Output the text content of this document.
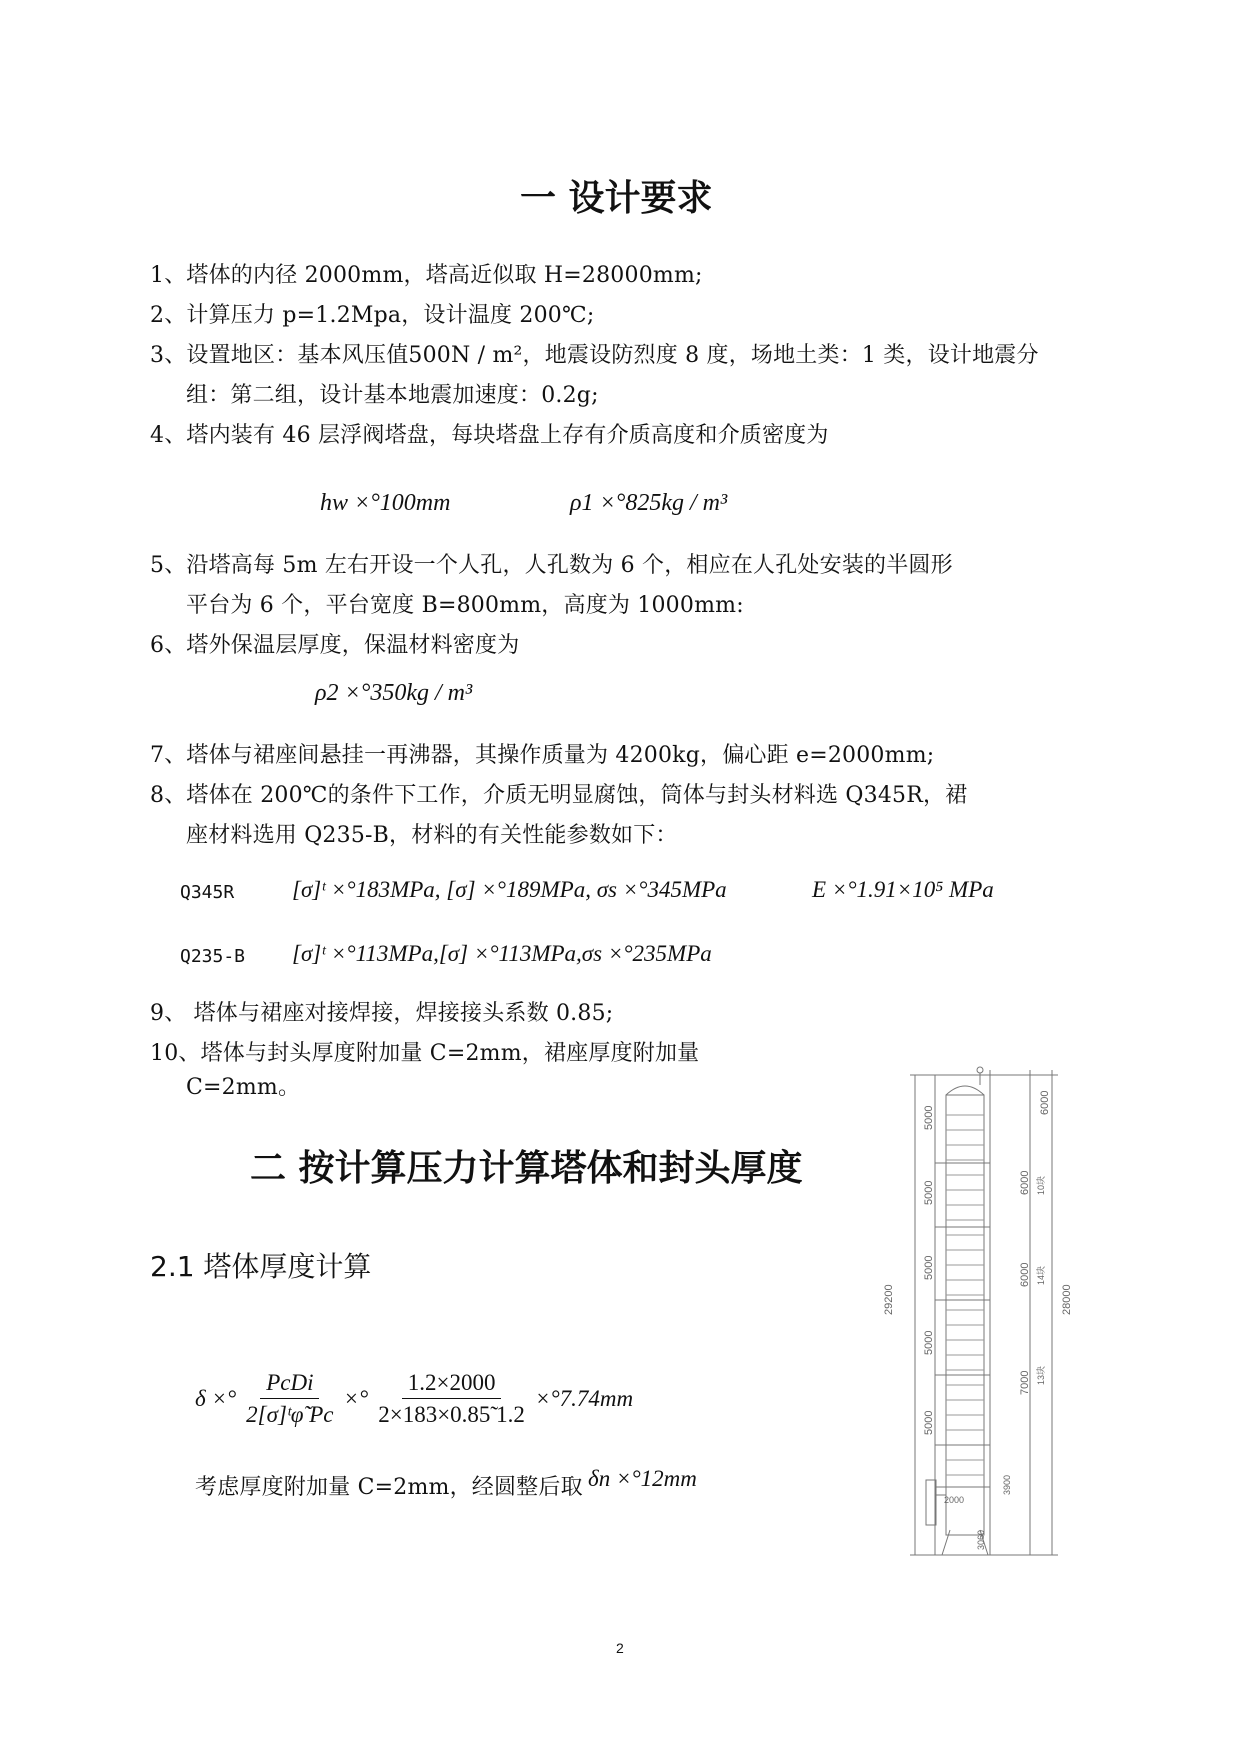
一 设计要求
1、塔体的内径 2000mm，塔高近似取 H=28000mm;
2、计算压力 p=1.2Mpa，设计温度 200℃;
3、设置地区：基本风压值500N / m²，地震设防烈度 8 度，场地土类：1 类，设计地震分
组：第二组，设计基本地震加速度：0.2g;
4、塔内装有 46 层浮阀塔盘，每块塔盘上存有介质高度和介质密度为
hw ×°100mm	ρ1 ×°825kg / m³
5、沿塔高每 5m 左右开设一个人孔，人孔数为 6 个，相应在人孔处安装的半圆形
平台为 6 个，平台宽度 B=800mm，高度为 1000mm:
6、塔外保温层厚度，保温材料密度为
ρ2 ×°350kg / m³
7、塔体与裙座间悬挂一再沸器，其操作质量为 4200kg，偏心距 e=2000mm;
8、塔体在 200℃的条件下工作，介质无明显腐蚀，筒体与封头材料选 Q345R，裙
座材料选用 Q235-B，材料的有关性能参数如下：
Q345R	[σ]ᵗ ×°183MPa, [σ] ×°189MPa, σs ×°345MPa	E ×°1.91×10⁵ MPa
Q235-B [σ]ᵗ ×°113MPa,[σ] ×°113MPa,σs ×°235MPa
9、 塔体与裙座对接焊接，焊接接头系数 0.85;
10、塔体与封头厚度附加量 C=2mm，裙座厚度附加量
C=2mm。
二 按计算压力计算塔体和封头厚度
2.1 塔体厚度计算
δ ×° $\frac{\text{PcDi}}{\text{2[σ]ᵗφ̃ Pc}}$ ×° $\frac{1.2\times 2000}{2\times 183\times 0.85̃ 1.2} \times^\circ 7.74mm$
考虑厚度附加量 C=2mm，经圆整后取 δn ×°12mm
29200
5000
5000
5000
5000
5000
6000
6000
6000
7000
28000
10块
14块
13块
2000
3060
3900
2
